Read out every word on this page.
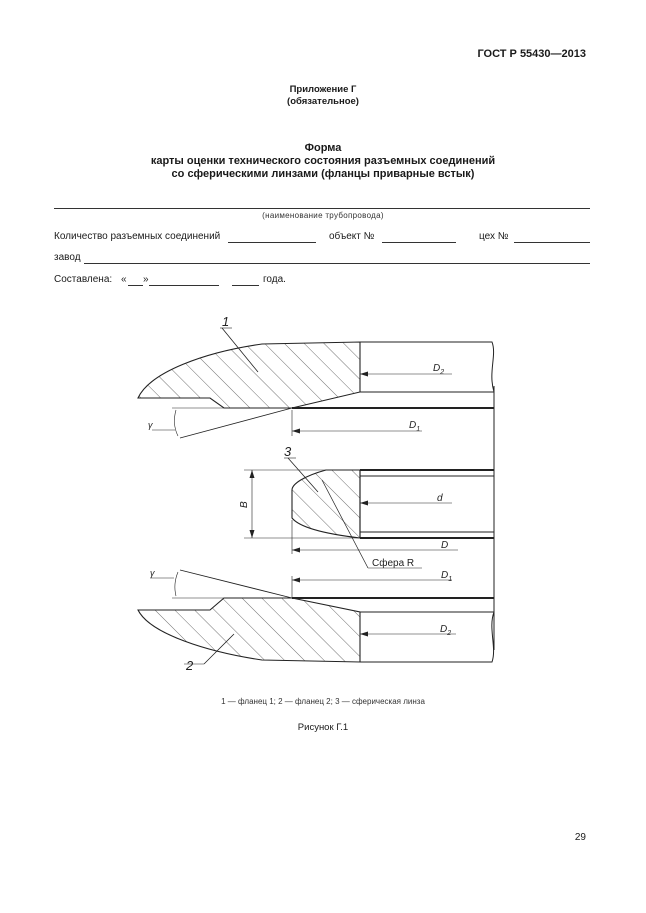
ГОСТ Р 55430—2013
Приложение Г
(обязательное)
Форма
карты оценки технического состояния разъемных соединений
со сферическими линзами (фланцы приварные встык)
(наименование трубопровода)
Количество разъемных соединений	объект №	цех №
завод
Составлена: « »	года.
1
3
2
γ
γ
$D_2$
$D_1$
d
D
B
Сфера R
$D_1$
$D_2$
1 — фланец 1; 2 — фланец 2; 3 — сферическая линза
Рисунок Г.1
29
